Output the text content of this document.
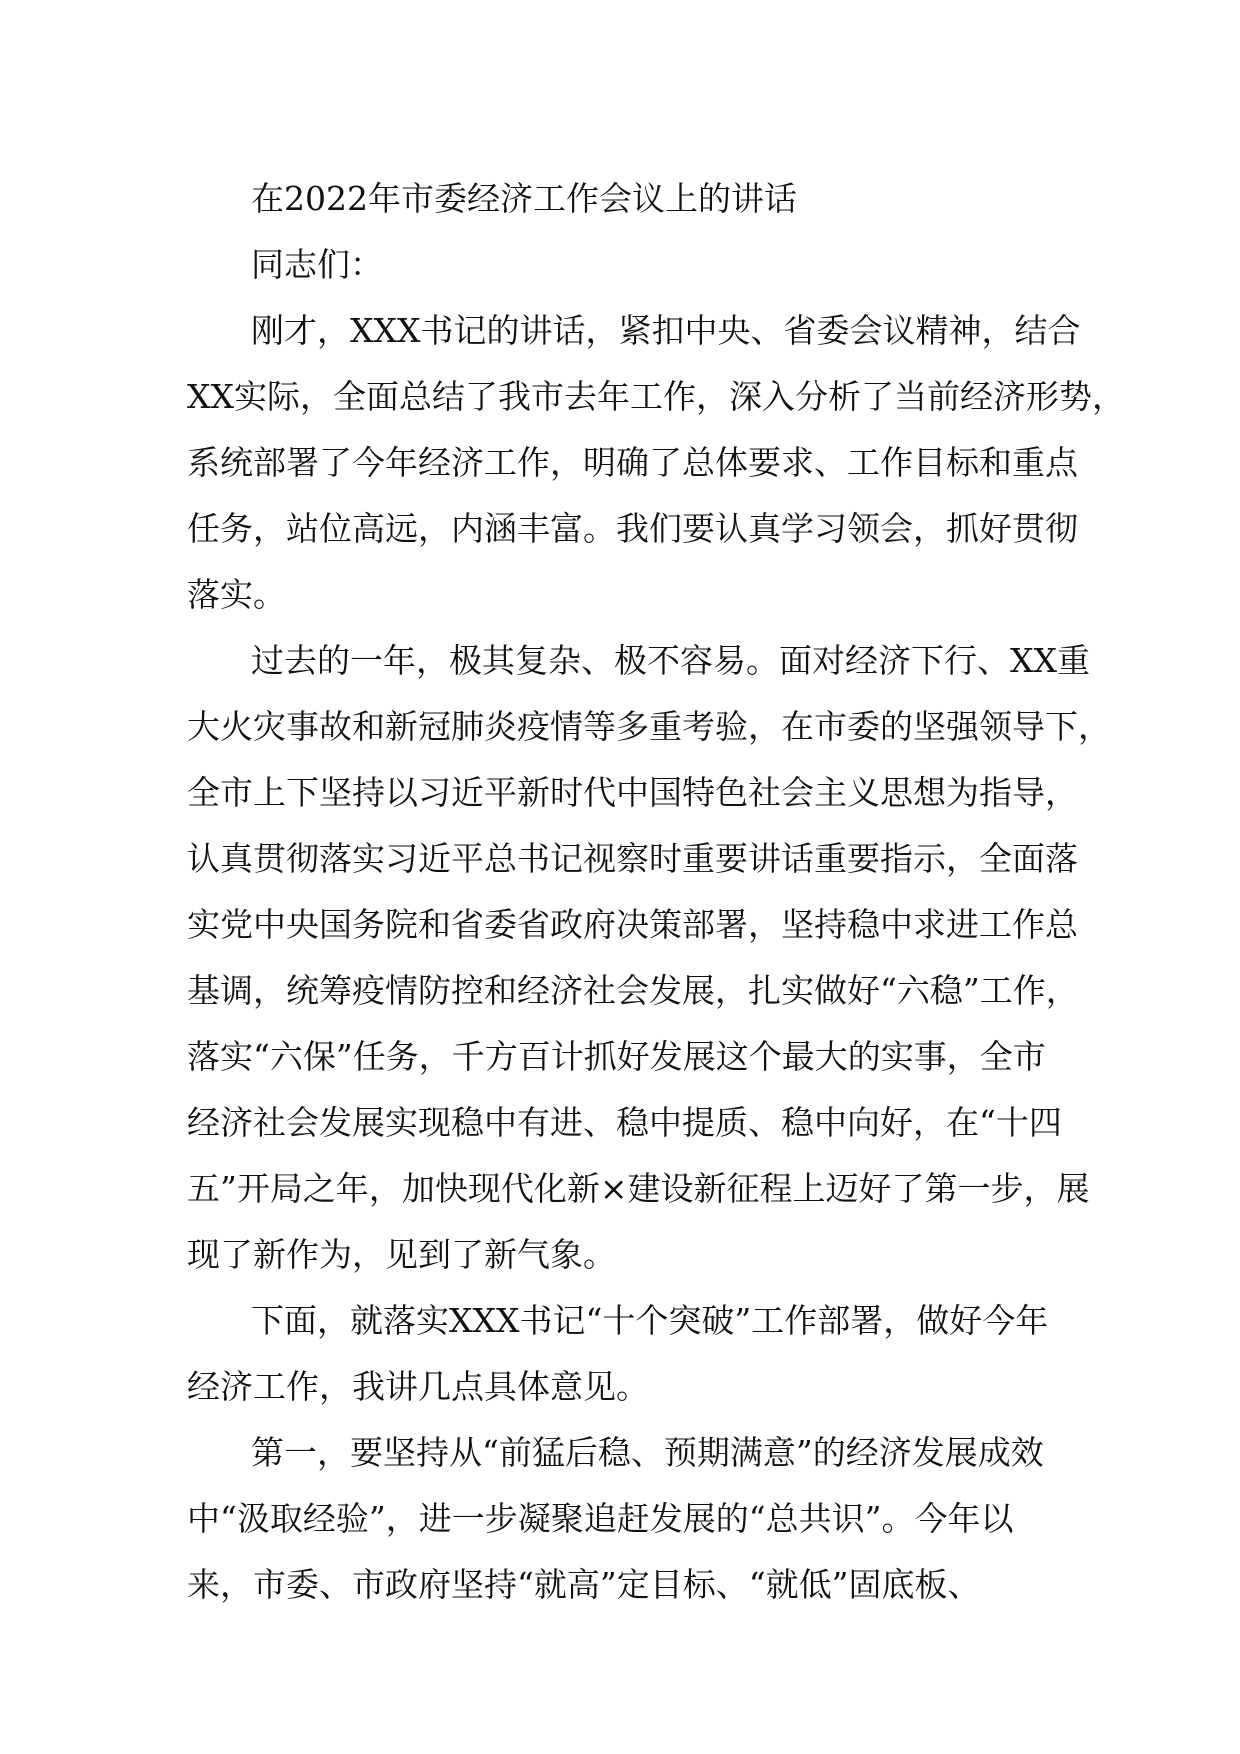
在2022年市委经济工作会议上的讲话
同志们：
刚才，XXX书记的讲话，紧扣中央、省委会议精神，结合
XX实际，全面总结了我市去年工作，深入分析了当前经济形势，
系统部署了今年经济工作，明确了总体要求、工作目标和重点
任务，站位高远，内涵丰富。我们要认真学习领会，抓好贯彻
落实。
过去的一年，极其复杂、极不容易。面对经济下行、XX重
大火灾事故和新冠肺炎疫情等多重考验，在市委的坚强领导下，
全市上下坚持以习近平新时代中国特色社会主义思想为指导，
认真贯彻落实习近平总书记视察时重要讲话重要指示，全面落
实党中央国务院和省委省政府决策部署，坚持稳中求进工作总
基调，统筹疫情防控和经济社会发展，扎实做好“六稳”工作，
落实“六保”任务，千方百计抓好发展这个最大的实事，全市
经济社会发展实现稳中有进、稳中提质、稳中向好，在“十四
五”开局之年，加快现代化新×建设新征程上迈好了第一步，展
现了新作为，见到了新气象。
下面，就落实XXX书记“十个突破”工作部署，做好今年
经济工作，我讲几点具体意见。
第一，要坚持从“前猛后稳、预期满意”的经济发展成效
中“汲取经验”，进一步凝聚追赶发展的“总共识”。今年以
来，市委、市政府坚持“就高”定目标、“就低”固底板、
